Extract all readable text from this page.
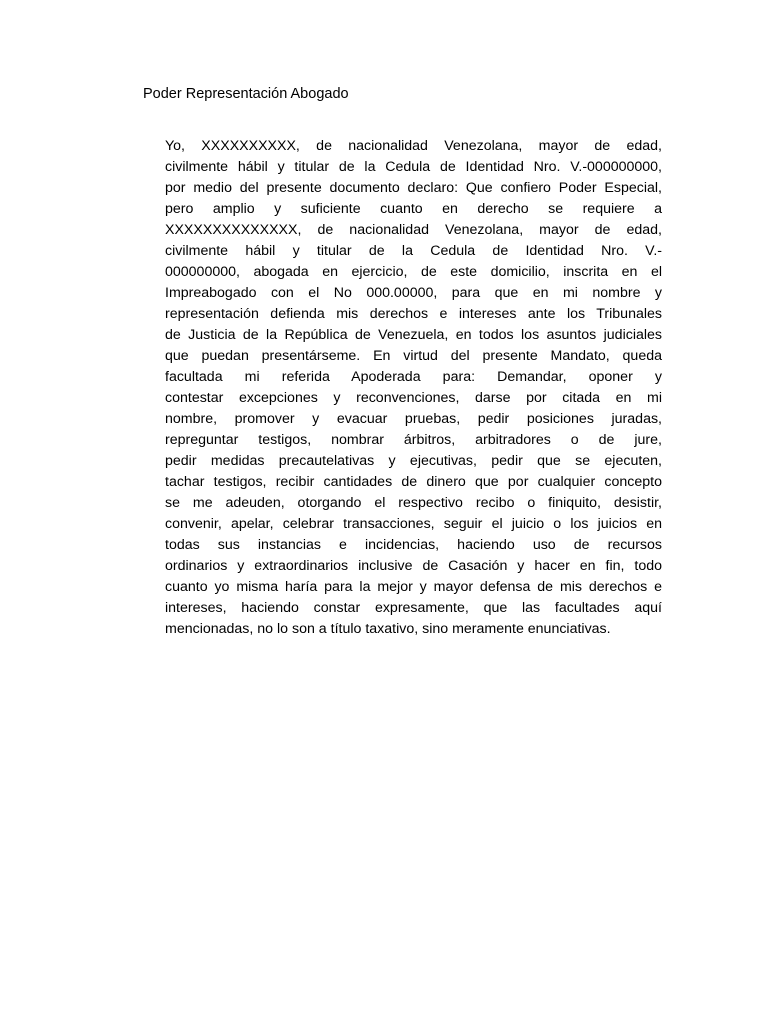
Poder Representación Abogado
Yo, XXXXXXXXXX, de nacionalidad Venezolana, mayor de edad,
civilmente hábil y titular de la Cedula de Identidad Nro. V.-000000000,
por medio del presente documento declaro: Que confiero Poder Especial,
pero amplio y suficiente cuanto en derecho se requiere a
XXXXXXXXXXXXXX, de nacionalidad Venezolana, mayor de edad,
civilmente hábil y titular de la Cedula de Identidad Nro. V.-
000000000, abogada en ejercicio, de este domicilio, inscrita en el
Impreabogado con el No 000.00000, para que en mi nombre y
representación defienda mis derechos e intereses ante los Tribunales
de Justicia de la República de Venezuela, en todos los asuntos judiciales
que puedan presentárseme. En virtud del presente Mandato, queda
facultada mi referida Apoderada para: Demandar, oponer y
contestar excepciones y reconvenciones, darse por citada en mi
nombre, promover y evacuar pruebas, pedir posiciones juradas,
repreguntar testigos, nombrar árbitros, arbitradores o de jure,
pedir medidas precautelativas y ejecutivas, pedir que se ejecuten,
tachar testigos, recibir cantidades de dinero que por cualquier concepto
se me adeuden, otorgando el respectivo recibo o finiquito, desistir,
convenir, apelar, celebrar transacciones, seguir el juicio o los juicios en
todas sus instancias e incidencias, haciendo uso de recursos
ordinarios y extraordinarios inclusive de Casación y hacer en fin, todo
cuanto yo misma haría para la mejor y mayor defensa de mis derechos e
intereses, haciendo constar expresamente, que las facultades aquí
mencionadas, no lo son a título taxativo, sino meramente enunciativas.
